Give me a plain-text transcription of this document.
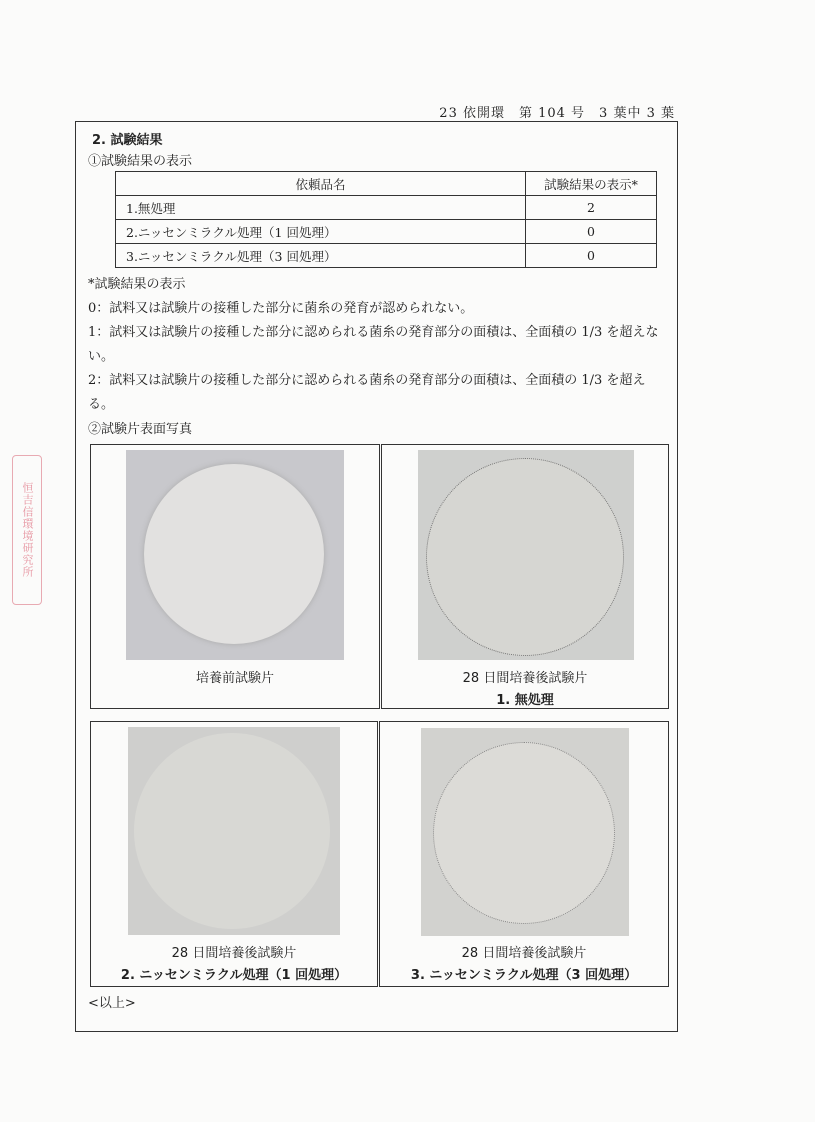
23 依開環　第 104 号　3 葉中 3 葉
2. 試験結果
①試験結果の表示
依頼品名	試験結果の表示*
1.無処理	2
2.ニッセンミラクル処理（1 回処理）	0
3.ニッセンミラクル処理（3 回処理）	0

*試験結果の表示

0：試料又は試験片の接種した部分に菌糸の発育が認められない。

1：試料又は試験片の接種した部分に認められる菌糸の発育部分の面積は、全面積の 1/3 を超えない。

2：試料又は試験片の接種した部分に認められる菌糸の発育部分の面積は、全面積の 1/3 を超える。

②試験片表面写真
培養前試験片	28 日間培養後試験片
1. 無処理
28 日間培養後試験片
2. ニッセンミラクル処理（1 回処理）
28 日間培養後試験片
3. ニッセンミラクル処理（3 回処理）
<以上>
恒吉信環境研究所
